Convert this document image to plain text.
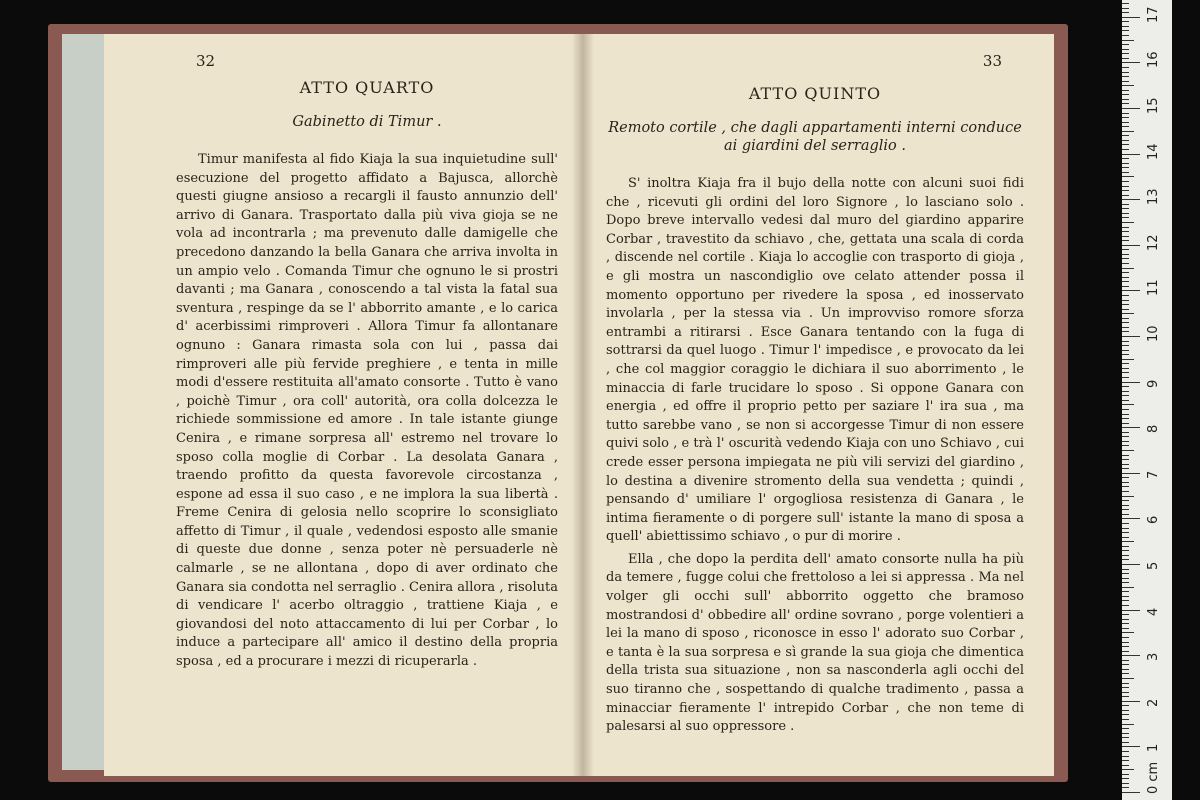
32
ATTO QUARTO
Gabinetto di Timur .

Timur manifesta al fido Kiaja la sua inquietudine sull' esecuzione del progetto affidato a Bajusca, allorchè questi giugne ansioso a recargli il fausto annunzio dell' arrivo di Ganara. Trasportato dalla più viva gioja se ne vola ad incontrarla ; ma prevenuto dalle damigelle che precedono danzando la bella Ganara che arriva involta in un ampio velo . Comanda Timur che ognuno le si prostri davanti ; ma Ganara , conoscendo a tal vista la fatal sua sventura , respinge da se l' abborrito amante , e lo carica d' acerbissimi rimproveri . Allora Timur fa allontanare ognuno : Ganara rimasta sola con lui , passa dai rimproveri alle più fervide preghiere , e tenta in mille modi d'essere restituita all'amato consorte . Tutto è vano , poichè Timur , ora coll' autorità, ora colla dolcezza le richiede sommissione ed amore . In tale istante giunge Cenira , e rimane sorpresa all' estremo nel trovare lo sposo colla moglie di Corbar . La desolata Ganara , traendo profitto da questa favorevole circostanza , espone ad essa il suo caso , e ne implora la sua libertà . Freme Cenira di gelosia nello scoprire lo sconsigliato affetto di Timur , il quale , vedendosi esposto alle smanie di queste due donne , senza poter nè persuaderle nè calmarle , se ne allontana , dopo di aver ordinato che Ganara sia condotta nel serraglio . Cenira allora , risoluta di vendicare l' acerbo oltraggio , trattiene Kiaja , e giovandosi del noto attaccamento di lui per Corbar , lo induce a partecipare all' amico il destino della propria sposa , ed a procurare i mezzi di ricuperarla .

33
ATTO QUINTO
Remoto cortile , che dagli appartamenti interni conduce ai giardini del serraglio .

S' inoltra Kiaja fra il bujo della notte con alcuni suoi fidi che , ricevuti gli ordini del loro Signore , lo lasciano solo . Dopo breve intervallo vedesi dal muro del giardino apparire Corbar , travestito da schiavo , che, gettata una scala di corda , discende nel cortile . Kiaja lo accoglie con trasporto di gioja , e gli mostra un nascondiglio ove celato attender possa il momento opportuno per rivedere la sposa , ed inosservato involarla , per la stessa via . Un improvviso romore sforza entrambi a ritirarsi . Esce Ganara tentando con la fuga di sottrarsi da quel luogo . Timur l' impedisce , e provocato da lei , che col maggior coraggio le dichiara il suo aborrimento , le minaccia di farle trucidare lo sposo . Si oppone Ganara con energia , ed offre il proprio petto per saziare l' ira sua , ma tutto sarebbe vano , se non si accorgesse Timur di non essere quivi solo , e trà l' oscurità vedendo Kiaja con uno Schiavo , cui crede esser persona impiegata ne più vili servizi del giardino , lo destina a divenire stromento della sua vendetta ; quindi , pensando d' umiliare l' orgogliosa resistenza di Ganara , le intima fieramente o di porgere sull' istante la mano di sposa a quell' abiettissimo schiavo , o pur di morire .

Ella , che dopo la perdita dell' amato consorte nulla ha più da temere , fugge colui che frettoloso a lei si appressa . Ma nel volger gli occhi sull' abborrito oggetto che bramoso mostrandosi d' obbedire all' ordine sovrano , porge volentieri a lei la mano di sposo , riconosce in esso l' adorato suo Corbar , e tanta è la sua sorpresa e sì grande la sua gioja che dimentica della trista sua situazione , non sa nasconderla agli occhi del suo tiranno che , sospettando di qualche tradimento , passa a minacciar fieramente l' intrepido Corbar , che non teme di palesarsi al suo oppressore .

0 cm
1
2
3
4
5
6
7
8
9
10
11
12
13
14
15
16
17
